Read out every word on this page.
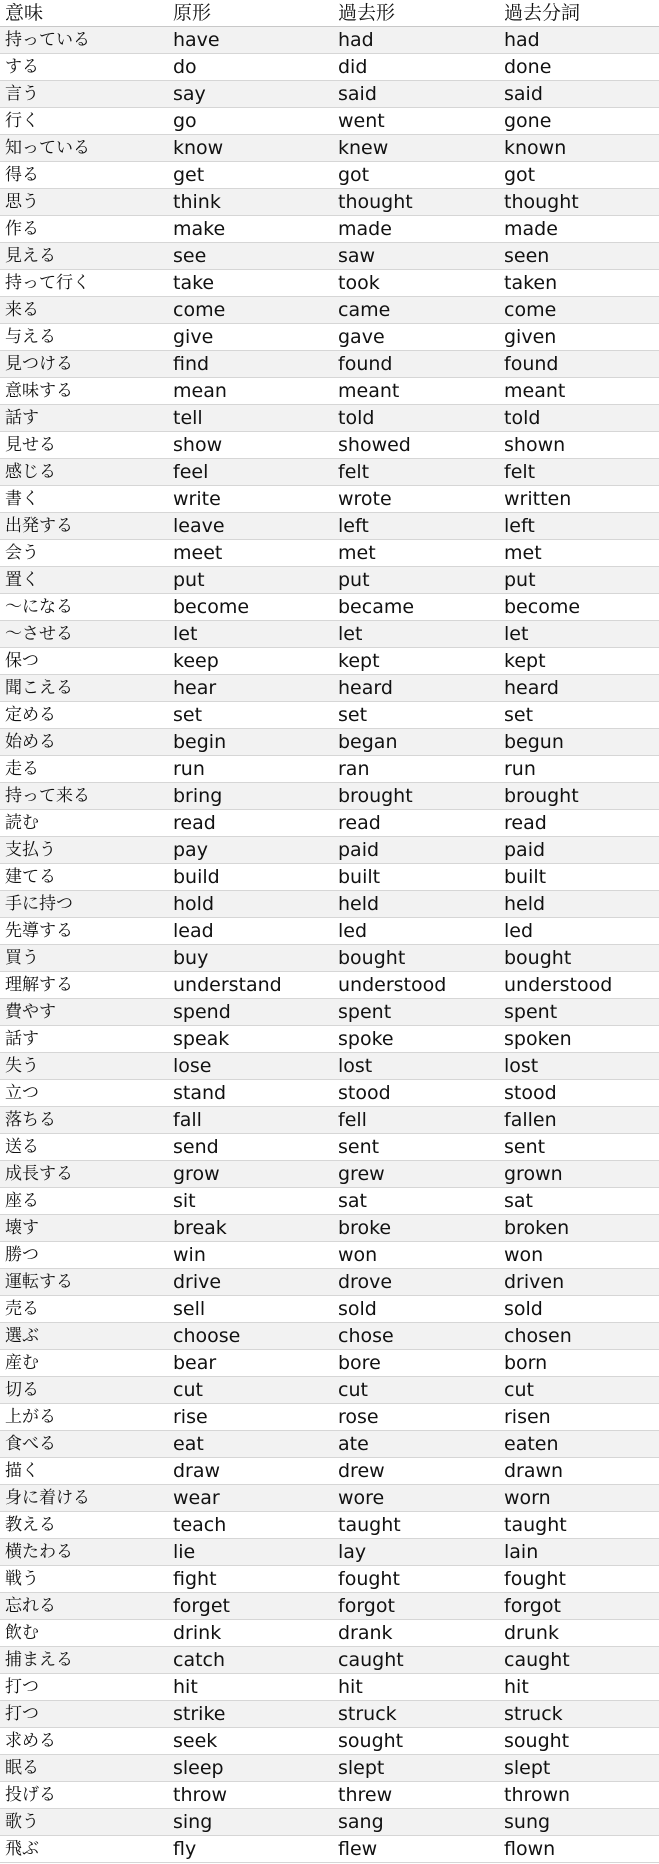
意味	原形	過去形	過去分詞
持っている	have	had	had
する	do	did	done
言う	say	said	said
行く	go	went	gone
知っている	know	knew	known
得る	get	got	got
思う	think	thought	thought
作る	make	made	made
見える	see	saw	seen
持って行く	take	took	taken
来る	come	came	come
与える	give	gave	given
見つける	find	found	found
意味する	mean	meant	meant
話す	tell	told	told
見せる	show	showed	shown
感じる	feel	felt	felt
書く	write	wrote	written
出発する	leave	left	left
会う	meet	met	met
置く	put	put	put
～になる	become	became	become
～させる	let	let	let
保つ	keep	kept	kept
聞こえる	hear	heard	heard
定める	set	set	set
始める	begin	began	begun
走る	run	ran	run
持って来る	bring	brought	brought
読む	read	read	read
支払う	pay	paid	paid
建てる	build	built	built
手に持つ	hold	held	held
先導する	lead	led	led
買う	buy	bought	bought
理解する	understand	understood	understood
費やす	spend	spent	spent
話す	speak	spoke	spoken
失う	lose	lost	lost
立つ	stand	stood	stood
落ちる	fall	fell	fallen
送る	send	sent	sent
成長する	grow	grew	grown
座る	sit	sat	sat
壊す	break	broke	broken
勝つ	win	won	won
運転する	drive	drove	driven
売る	sell	sold	sold
選ぶ	choose	chose	chosen
産む	bear	bore	born
切る	cut	cut	cut
上がる	rise	rose	risen
食べる	eat	ate	eaten
描く	draw	drew	drawn
身に着ける	wear	wore	worn
教える	teach	taught	taught
横たわる	lie	lay	lain
戦う	fight	fought	fought
忘れる	forget	forgot	forgot
飲む	drink	drank	drunk
捕まえる	catch	caught	caught
打つ	hit	hit	hit
打つ	strike	struck	struck
求める	seek	sought	sought
眠る	sleep	slept	slept
投げる	throw	threw	thrown
歌う	sing	sang	sung
飛ぶ	fly	flew	flown
